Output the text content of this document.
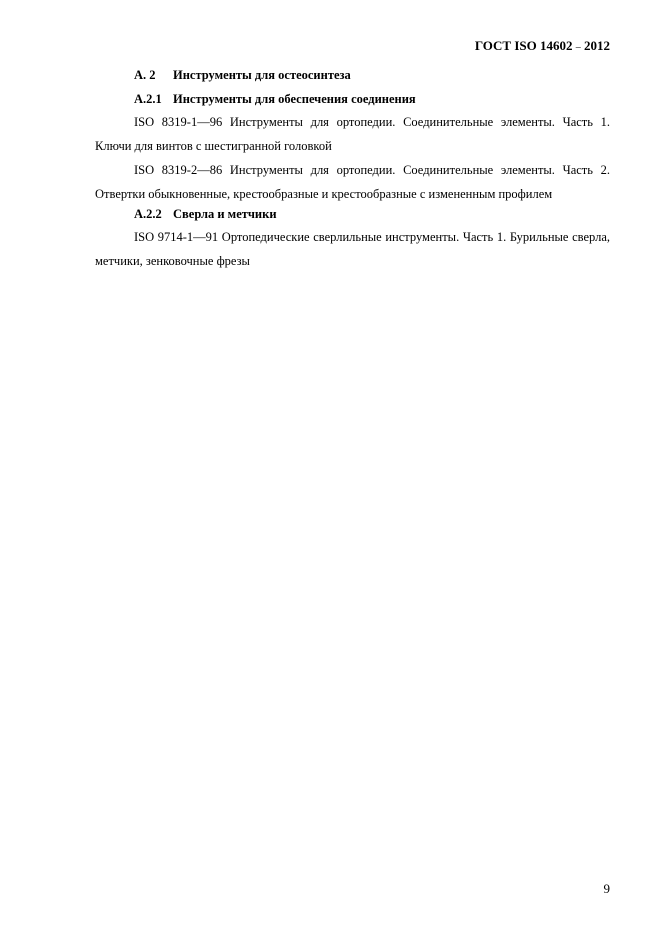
ГОСТ ISO 14602 – 2012
А. 2 Инструменты для остеосинтеза
А.2.1 Инструменты для обеспечения соединения

ISO 8319-1—96 Инструменты для ортопедии. Соединительные элементы. Часть 1. Ключи для винтов с шестигранной головкой

ISO 8319-2—86 Инструменты для ортопедии. Соединительные элементы. Часть 2. Отвертки обыкновенные, крестообразные и крестообразные с измененным профилем

А.2.2 Сверла и метчики

ISO 9714-1—91 Ортопедические сверлильные инструменты. Часть 1. Бурильные сверла, метчики, зенковочные фрезы

9
